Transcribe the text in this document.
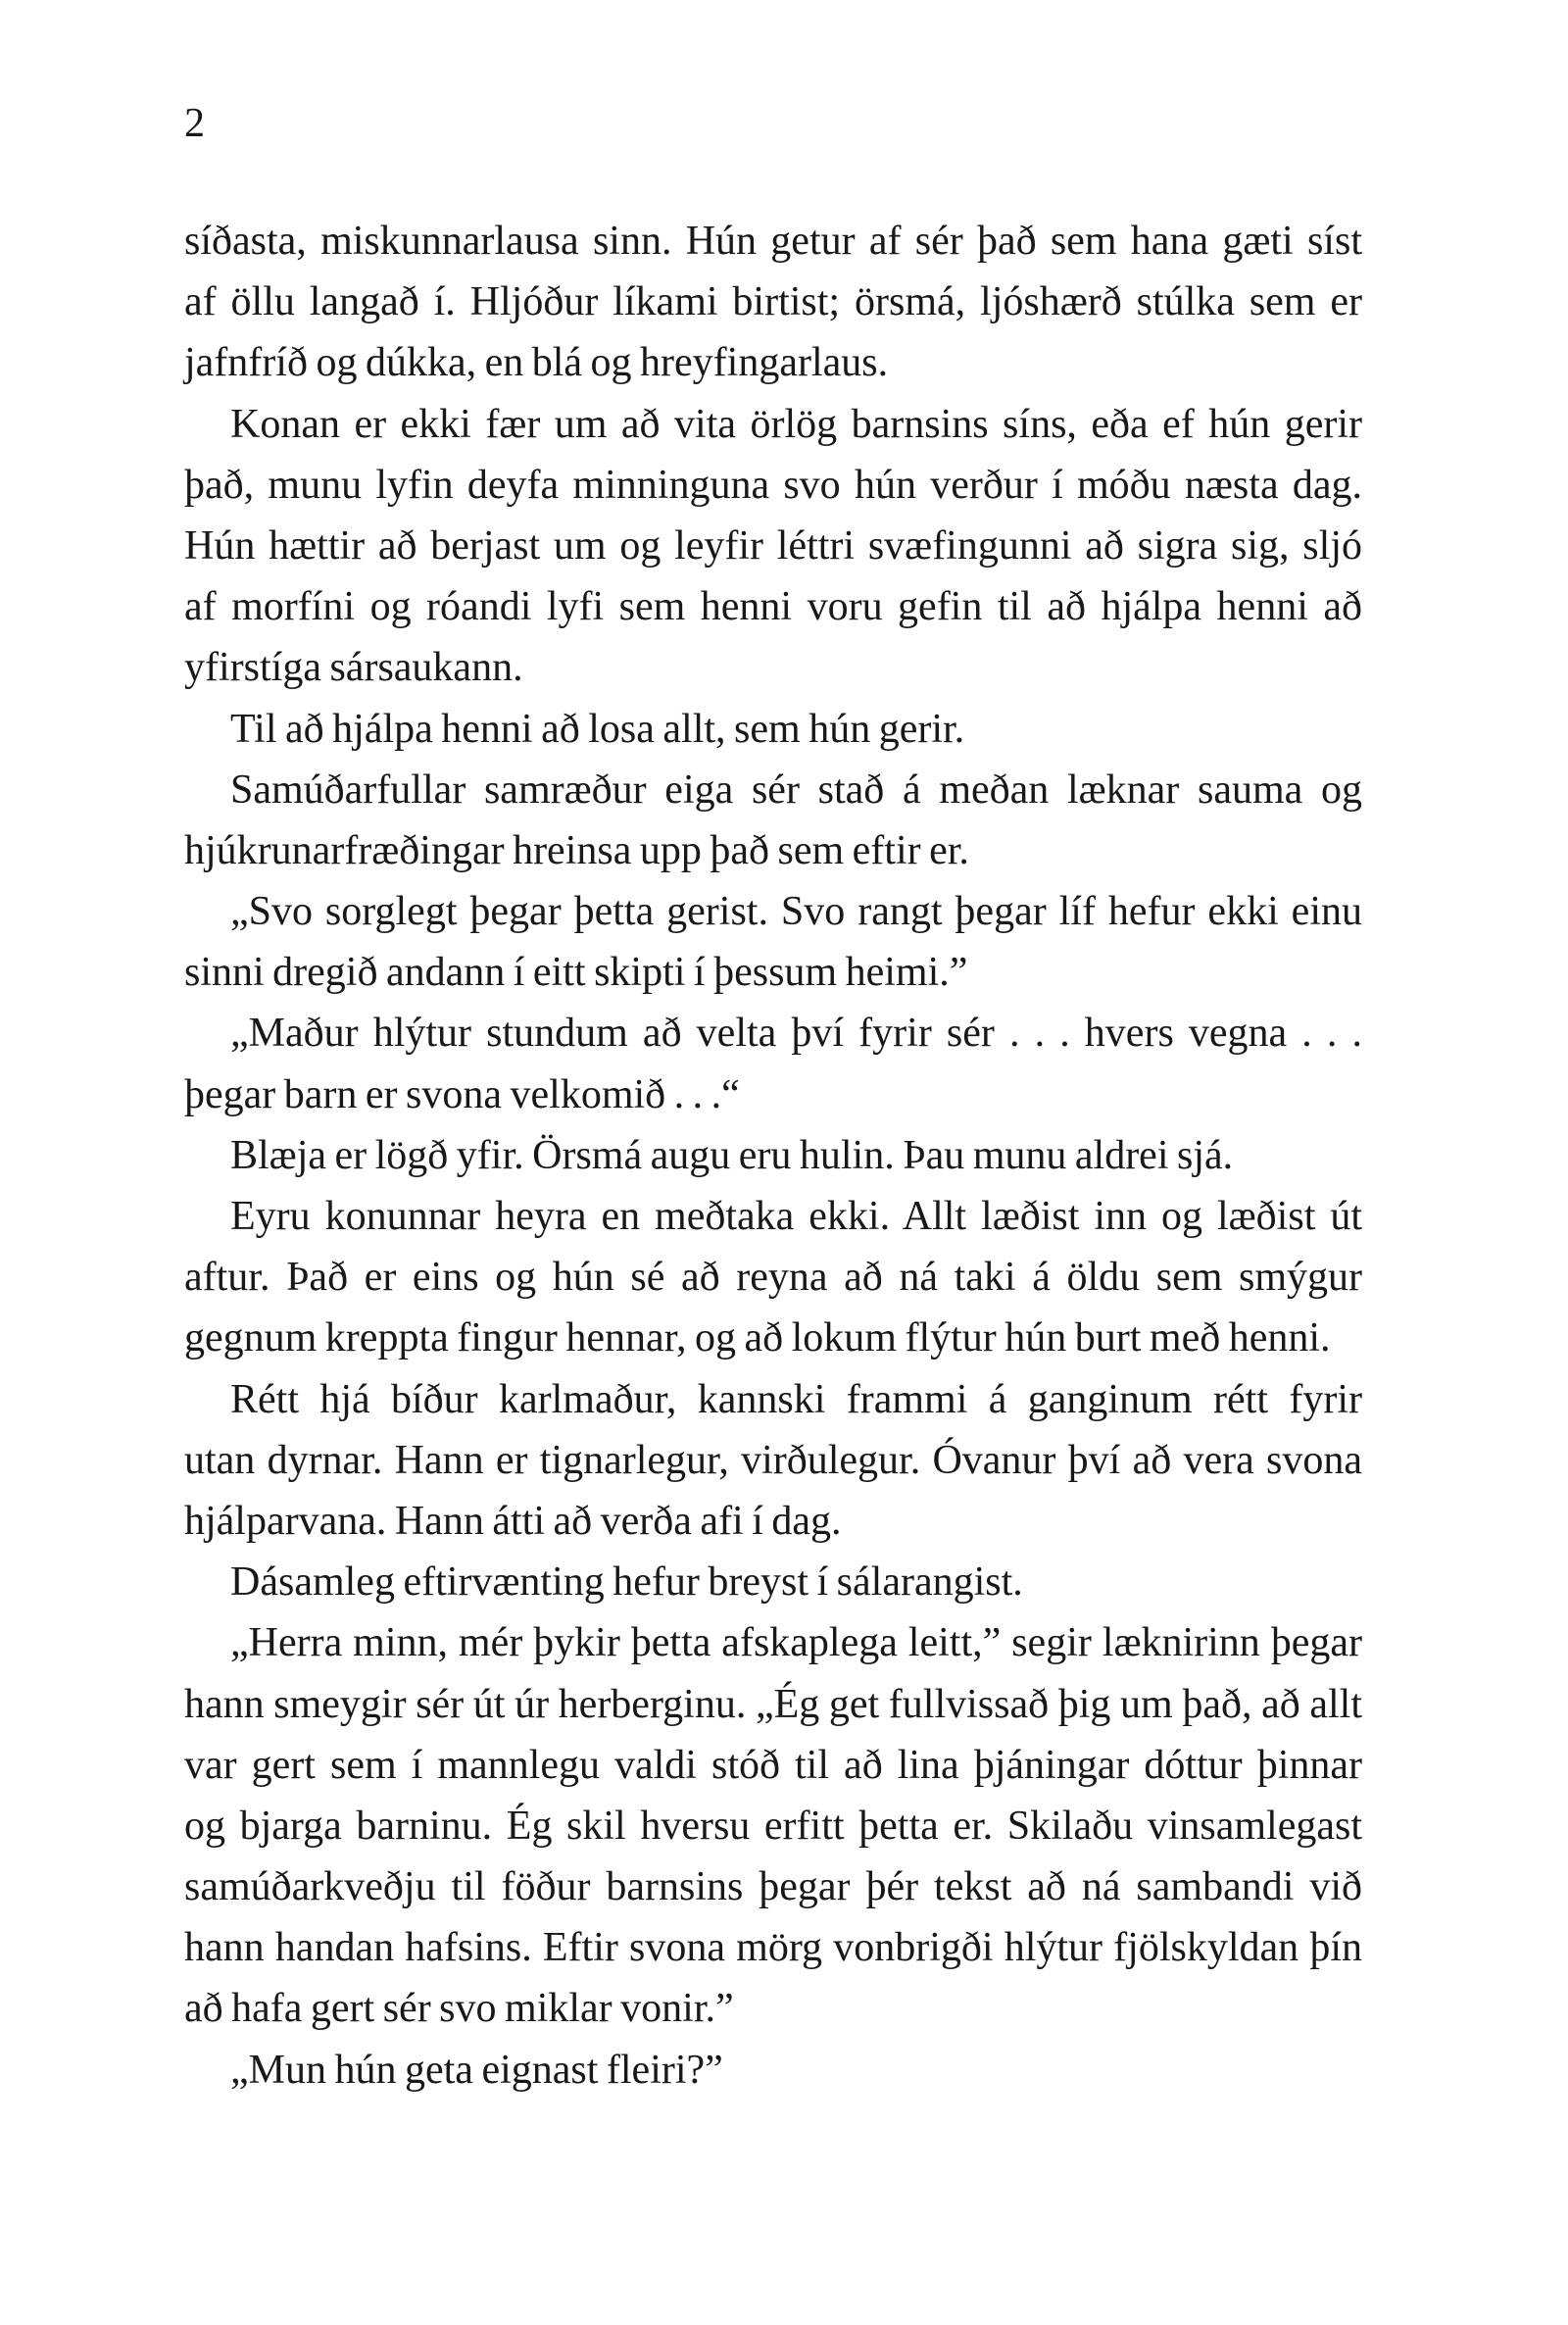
2
síðasta, miskunnarlausa sinn. Hún getur af sér það sem hana gæti síst
af öllu langað í. Hljóður líkami birtist; örsmá, ljóshærð stúlka sem er
jafnfríð og dúkka, en blá og hreyfingarlaus.
Konan er ekki fær um að vita örlög barnsins síns, eða ef hún gerir
það, munu lyfin deyfa minninguna svo hún verður í móðu næsta dag.
Hún hættir að berjast um og leyfir léttri svæfingunni að sigra sig, sljó
af morfíni og róandi lyfi sem henni voru gefin til að hjálpa henni að
yfirstíga sársaukann.
Til að hjálpa henni að losa allt, sem hún gerir.
Samúðarfullar samræður eiga sér stað á meðan læknar sauma og
hjúkrunarfræðingar hreinsa upp það sem eftir er.
„Svo sorglegt þegar þetta gerist. Svo rangt þegar líf hefur ekki einu
sinni dregið andann í eitt skipti í þessum heimi.”
„Maður hlýtur stundum að velta því fyrir sér . . . hvers vegna . . .
þegar barn er svona velkomið . . .“
Blæja er lögð yfir. Örsmá augu eru hulin. Þau munu aldrei sjá.
Eyru konunnar heyra en meðtaka ekki. Allt læðist inn og læðist út
aftur. Það er eins og hún sé að reyna að ná taki á öldu sem smýgur
gegnum kreppta fingur hennar, og að lokum flýtur hún burt með henni.
Rétt hjá bíður karlmaður, kannski frammi á ganginum rétt fyrir
utan dyrnar. Hann er tignarlegur, virðulegur. Óvanur því að vera svona
hjálparvana. Hann átti að verða afi í dag.
Dásamleg eftirvænting hefur breyst í sálarangist.
„Herra minn, mér þykir þetta afskaplega leitt,” segir læknirinn þegar
hann smeygir sér út úr herberginu. „Ég get fullvissað þig um það, að allt
var gert sem í mannlegu valdi stóð til að lina þjáningar dóttur þinnar
og bjarga barninu. Ég skil hversu erfitt þetta er. Skilaðu vinsamlegast
samúðarkveðju til föður barnsins þegar þér tekst að ná sambandi við
hann handan hafsins. Eftir svona mörg vonbrigði hlýtur fjölskyldan þín
að hafa gert sér svo miklar vonir.”
„Mun hún geta eignast fleiri?”
